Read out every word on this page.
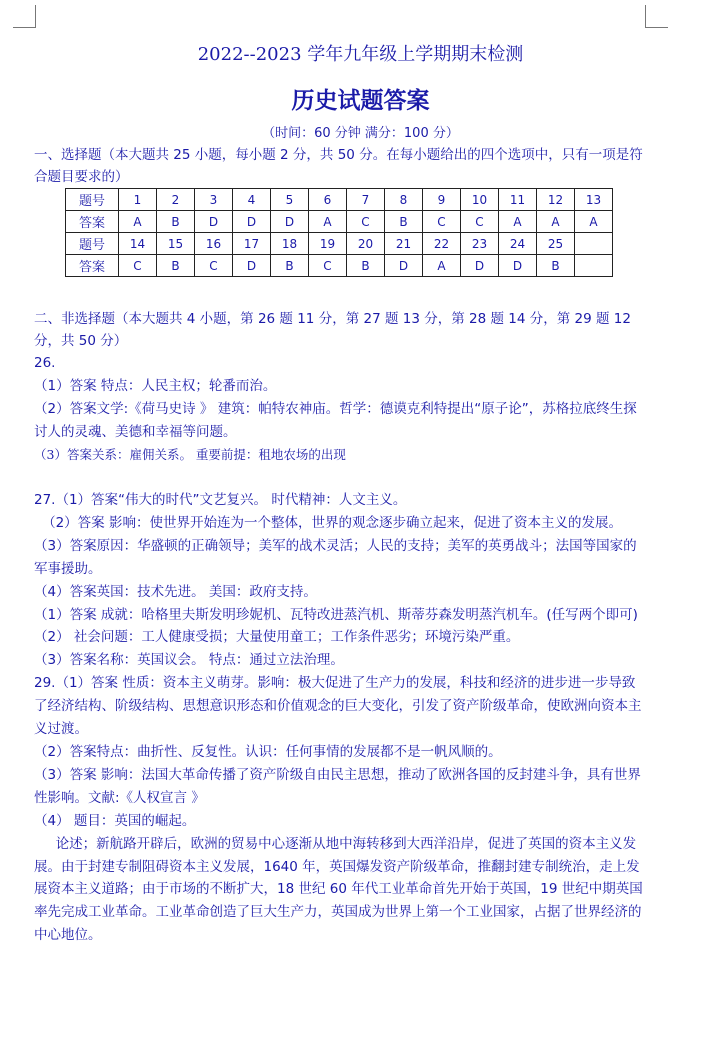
2022--2023 学年九年级上学期期末检测
历史试题答案
（时间：60 分钟 满分：100 分）
一、选择题（本大题共 25 小题，每小题 2 分，共 50 分。在每小题给出的四个选项中，只有一项是符合题目要求的）
题号	1	2	3	4	5	6	7	8	9	10	11	12	13
答案	A	B	D	D	D	A	C	B	C	C	A	A	A
题号	14	15	16	17	18	19	20	21	22	23	24	25	
答案	C	B	C	D	B	C	B	D	A	D	D	B	
二、非选择题（本大题共 4 小题，第 26 题 11 分，第 27 题 13 分，第 28 题 14 分，第 29 题 12 分，共 50 分）

26.

（1）答案 特点：人民主权；轮番而治。

（2）答案文学:《荷马史诗 》 建筑：帕特农神庙。哲学：德谟克利特提出“原子论”，苏格拉底终生探讨人的灵魂、美德和幸福等问题。

（3）答案关系：雇佣关系。 重要前提：租地农场的出现

27.（1）答案“伟大的时代”文艺复兴。 时代精神：人文主义。

（2）答案 影响：使世界开始连为一个整体，世界的观念逐步确立起来，促进了资本主义的发展。

（3）答案原因：华盛顿的正确领导；美军的战术灵活；人民的支持；美军的英勇战斗；法国等国家的军事援助。

（4）答案英国：技术先进。 美国：政府支持。

（1）答案 成就：哈格里夫斯发明珍妮机、瓦特改进蒸汽机、斯蒂芬森发明蒸汽机车。(任写两个即可)

（2） 社会问题：工人健康受损；大量使用童工；工作条件恶劣；环境污染严重。

（3）答案名称：英国议会。 特点：通过立法治理。

29.（1）答案 性质：资本主义萌芽。影响：极大促进了生产力的发展，科技和经济的进步进一步导致了经济结构、阶级结构、思想意识形态和价值观念的巨大变化，引发了资产阶级革命，使欧洲向资本主义过渡。

（2）答案特点：曲折性、反复性。认识：任何事情的发展都不是一帆风顺的。

（3）答案 影响：法国大革命传播了资产阶级自由民主思想，推动了欧洲各国的反封建斗争，具有世界性影响。文献:《人权宣言 》

（4） 题目：英国的崛起。

论述；新航路开辟后，欧洲的贸易中心逐渐从地中海转移到大西洋沿岸，促进了英国的资本主义发展。由于封建专制阻碍资本主义发展，1640 年，英国爆发资产阶级革命，推翻封建专制统治，走上发展资本主义道路；由于市场的不断扩大，18 世纪 60 年代工业革命首先开始于英国，19 世纪中期英国率先完成工业革命。工业革命创造了巨大生产力，英国成为世界上第一个工业国家，占据了世界经济的中心地位。
